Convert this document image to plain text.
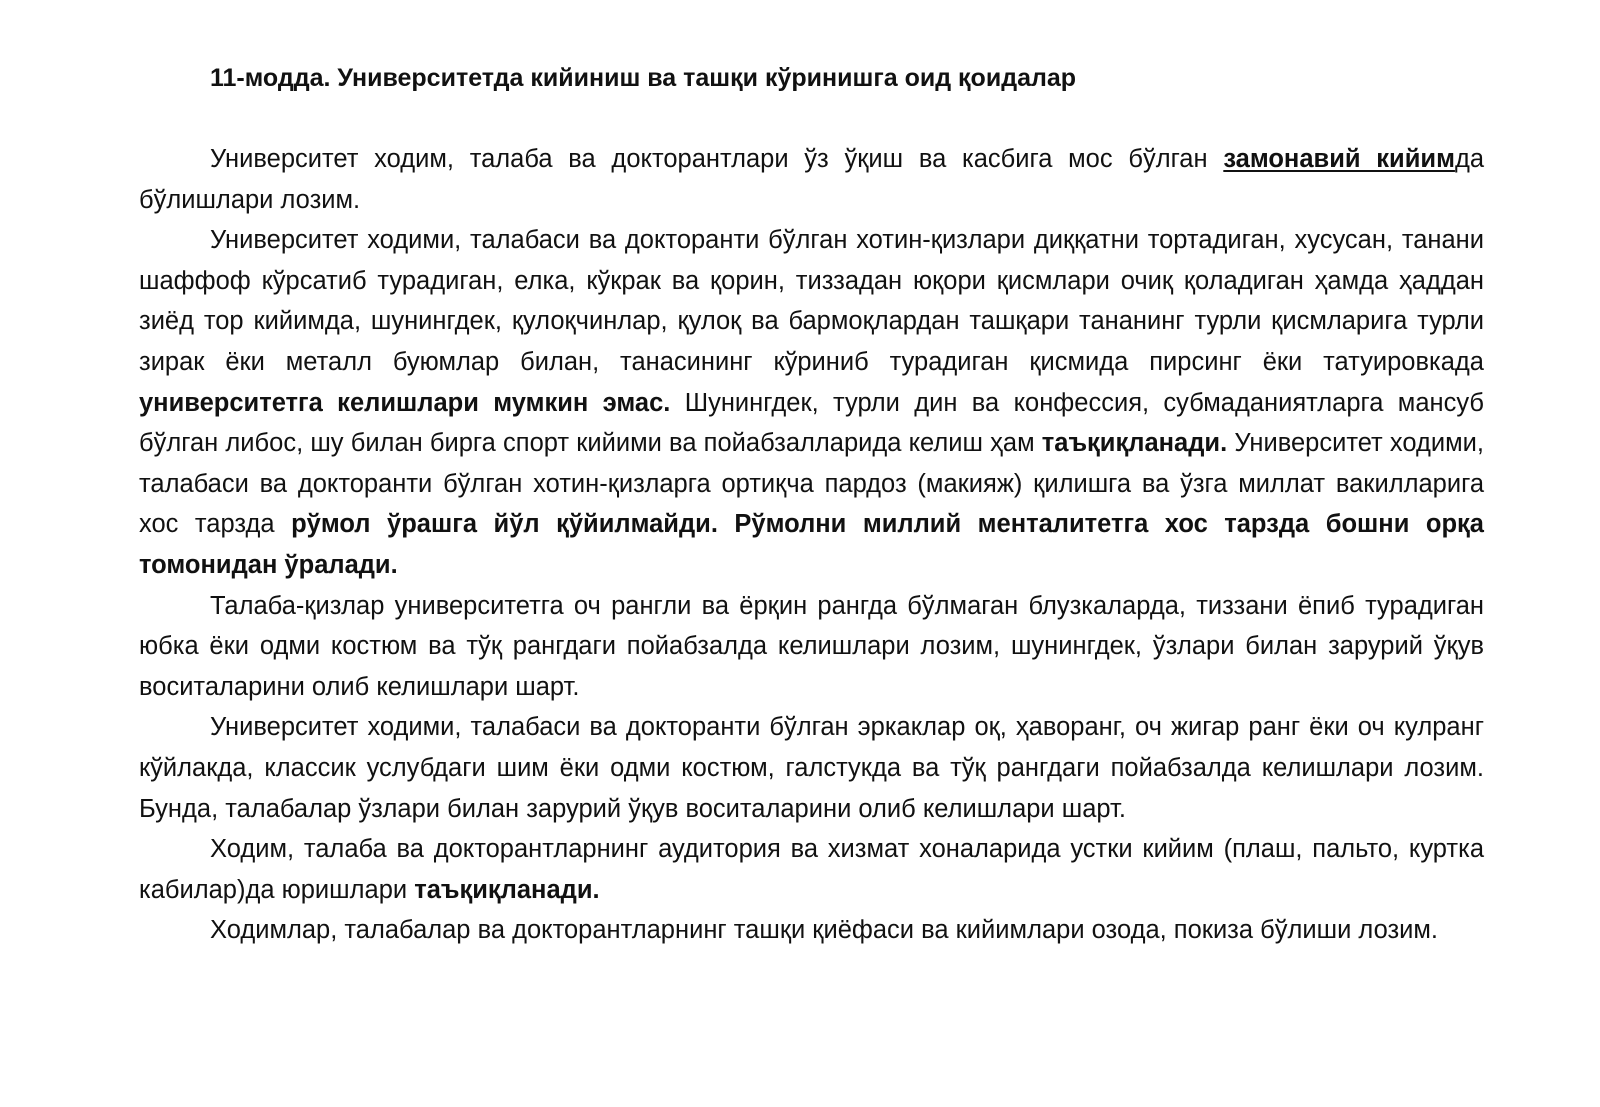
11-модда. Университетда кийиниш ва ташқи кўринишга оид қоидалар

Университет ходим, талаба ва докторантлари ўз ўқиш ва касбига мос бўлган замонавий кийимда бўлишлари лозим.

Университет ходими, талабаси ва докторанти бўлган хотин-қизлари диққатни тортадиган, хусусан, танани шаффоф кўрсатиб турадиган, елка, кўкрак ва қорин, тиззадан юқори қисмлари очиқ қоладиган ҳамда ҳаддан зиёд тор кийимда, шунингдек, қулоқчинлар, қулоқ ва бармоқлардан ташқари тананинг турли қисмларига турли зирак ёки металл буюмлар билан, танасининг кўриниб турадиган қисмида пирсинг ёки татуировкада университетга келишлари мумкин эмас. Шунингдек, турли дин ва конфессия, субмаданиятларга мансуб бўлган либос, шу билан бирга спорт кийими ва пойабзалларида келиш ҳам таъқиқланади. Университет ходими, талабаси ва докторанти бўлган хотин-қизларга ортиқча пардоз (макияж) қилишга ва ўзга миллат вакилларига хос тарзда рўмол ўрашга йўл қўйилмайди. Рўмолни миллий менталитетга хос тарзда бошни орқа томонидан ўралади.

Талаба-қизлар университетга оч рангли ва ёрқин рангда бўлмаган блузкаларда, тиззани ёпиб турадиган юбка ёки одми костюм ва тўқ рангдаги пойабзалда келишлари лозим, шунингдек, ўзлари билан зарурий ўқув воситаларини олиб келишлари шарт.

Университет ходими, талабаси ва докторанти бўлган эркаклар оқ, ҳаворанг, оч жигар ранг ёки оч кулранг кўйлакда, классик услубдаги шим ёки одми костюм, галстукда ва тўқ рангдаги пойабзалда келишлари лозим. Бунда, талабалар ўзлари билан зарурий ўқув воситаларини олиб келишлари шарт.

Ходим, талаба ва докторантларнинг аудитория ва хизмат хоналарида устки кийим (плаш, пальто, куртка кабилар)да юришлари таъқиқланади.

Ходимлар, талабалар ва докторантларнинг ташқи қиёфаси ва кийимлари озода, покиза бўлиши лозим.
